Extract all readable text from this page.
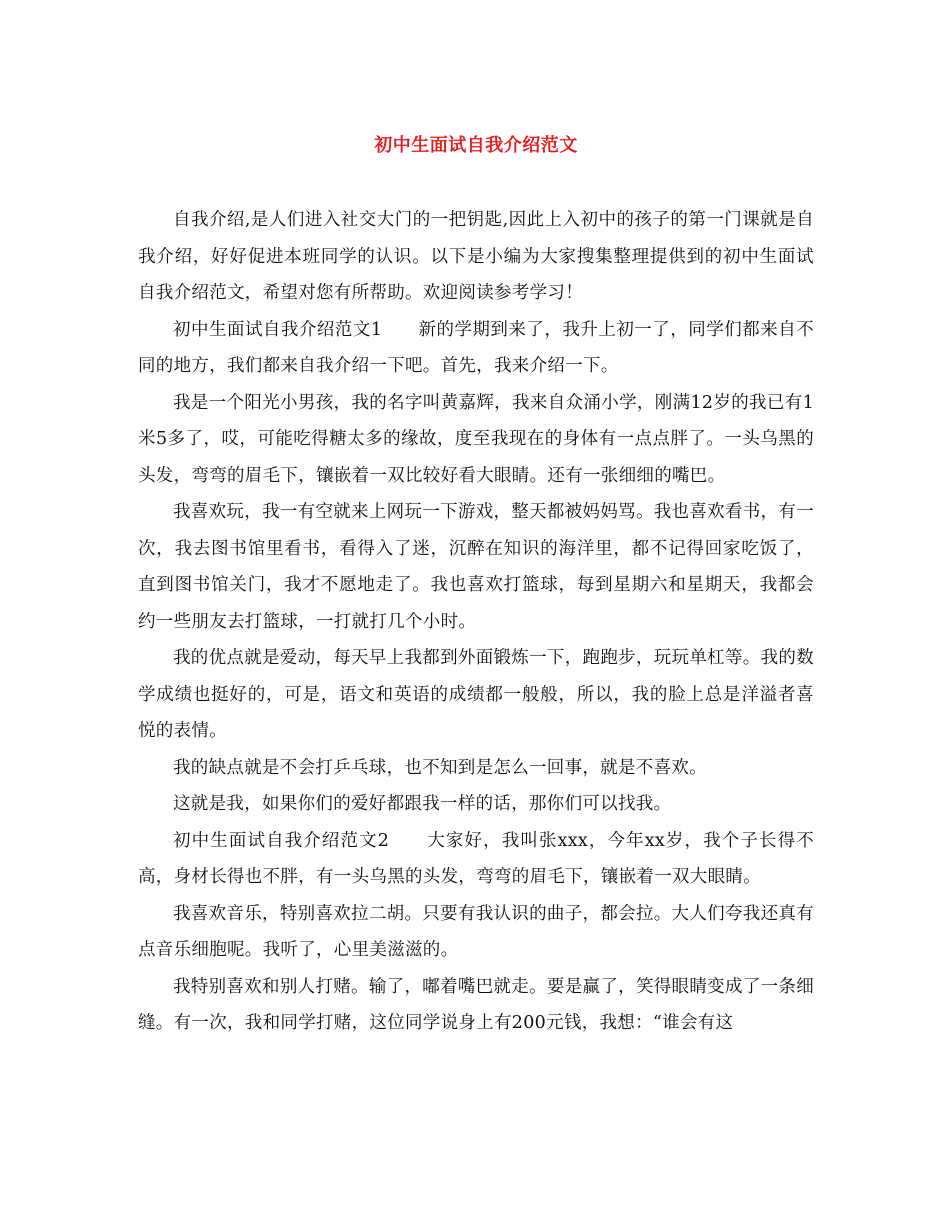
初中生面试自我介绍范文

自我介绍,是人们进入社交大门的一把钥匙,因此上入初中的孩子的第一门课就是自我介绍，好好促进本班同学的认识。以下是小编为大家搜集整理提供到的初中生面试自我介绍范文，希望对您有所帮助。欢迎阅读参考学习！

初中生面试自我介绍范文1　　新的学期到来了，我升上初一了，同学们都来自不同的地方，我们都来自我介绍一下吧。首先，我来介绍一下。

我是一个阳光小男孩，我的名字叫黄嘉辉，我来自众涌小学，刚满12岁的我已有1米5多了，哎，可能吃得糖太多的缘故，度至我现在的身体有一点点胖了。一头乌黑的头发，弯弯的眉毛下，镶嵌着一双比较好看大眼睛。还有一张细细的嘴巴。

我喜欢玩，我一有空就来上网玩一下游戏，整天都被妈妈骂。我也喜欢看书，有一次，我去图书馆里看书，看得入了迷，沉醉在知识的海洋里，都不记得回家吃饭了，直到图书馆关门，我才不愿地走了。我也喜欢打篮球，每到星期六和星期天，我都会约一些朋友去打篮球，一打就打几个小时。

我的优点就是爱动，每天早上我都到外面锻炼一下，跑跑步，玩玩单杠等。我的数学成绩也挺好的，可是，语文和英语的成绩都一般般，所以，我的脸上总是洋溢者喜悦的表情。

我的缺点就是不会打乒乓球，也不知到是怎么一回事，就是不喜欢。

这就是我，如果你们的爱好都跟我一样的话，那你们可以找我。

初中生面试自我介绍范文2　　大家好，我叫张xxx，今年xx岁，我个子长得不高，身材长得也不胖，有一头乌黑的头发，弯弯的眉毛下，镶嵌着一双大眼睛。

我喜欢音乐，特别喜欢拉二胡。只要有我认识的曲子，都会拉。大人们夸我还真有点音乐细胞呢。我听了，心里美滋滋的。

我特别喜欢和别人打赌。输了，嘟着嘴巴就走。要是赢了，笑得眼睛变成了一条细缝。有一次，我和同学打赌，这位同学说身上有200元钱，我想：“谁会有这
